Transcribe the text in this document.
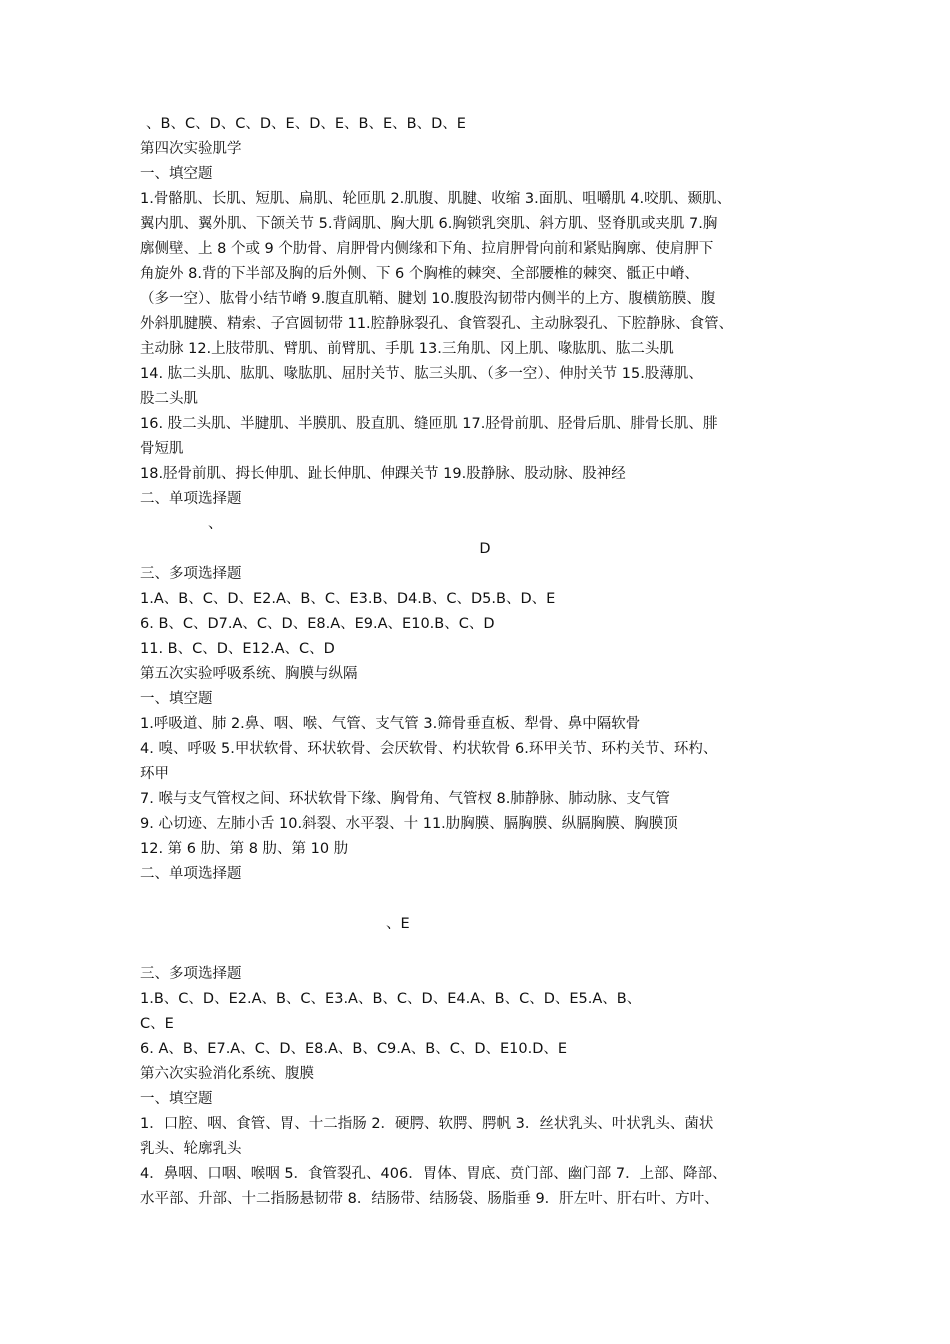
、B、C、D、C、D、E、D、E、B、E、B、D、E
第四次实验肌学
一、填空题
1.骨骼肌、长肌、短肌、扁肌、轮匝肌 2.肌腹、肌腱、收缩 3.面肌、咀嚼肌 4.咬肌、颞肌、
翼内肌、翼外肌、下颌关节 5.背阔肌、胸大肌 6.胸锁乳突肌、斜方肌、竖脊肌或夹肌 7.胸
廓侧壁、上 8 个或 9 个肋骨、肩胛骨内侧缘和下角、拉肩胛骨向前和紧贴胸廓、使肩胛下
角旋外 8.背的下半部及胸的后外侧、下 6 个胸椎的棘突、全部腰椎的棘突、骶正中嵴、
（多一空）、肱骨小结节嵴 9.腹直肌鞘、腱划 10.腹股沟韧带内侧半的上方、腹横筋膜、腹
外斜肌腱膜、精索、子宫圆韧带 11.腔静脉裂孔、食管裂孔、主动脉裂孔、下腔静脉、食管、
主动脉 12.上肢带肌、臂肌、前臂肌、手肌 13.三角肌、冈上肌、喙肱肌、肱二头肌
14. 肱二头肌、肱肌、喙肱肌、屈肘关节、肱三头肌、（多一空）、伸肘关节 15.股薄肌、
股二头肌
16. 股二头肌、半腱肌、半膜肌、股直肌、缝匝肌 17.胫骨前肌、胫骨后肌、腓骨长肌、腓
骨短肌
18.胫骨前肌、拇长伸肌、趾长伸肌、伸踝关节 19.股静脉、股动脉、股神经
二、单项选择题
、
D
三、多项选择题
1.A、B、C、D、E2.A、B、C、E3.B、D4.B、C、D5.B、D、E
6. B、C、D7.A、C、D、E8.A、E9.A、E10.B、C、D
11. B、C、D、E12.A、C、D
第五次实验呼吸系统、胸膜与纵隔
一、填空题
1.呼吸道、肺 2.鼻、咽、喉、气管、支气管 3.筛骨垂直板、犁骨、鼻中隔软骨
4. 嗅、呼吸 5.甲状软骨、环状软骨、会厌软骨、杓状软骨 6.环甲关节、环杓关节、环杓、
环甲
7. 喉与支气管杈之间、环状软骨下缘、胸骨角、气管杈 8.肺静脉、肺动脉、支气管
9. 心切迹、左肺小舌 10.斜裂、水平裂、十 11.肋胸膜、膈胸膜、纵膈胸膜、胸膜顶
12. 第 6 肋、第 8 肋、第 10 肋
二、单项选择题
、E
三、多项选择题
1.B、C、D、E2.A、B、C、E3.A、B、C、D、E4.A、B、C、D、E5.A、B、
C、E
6. A、B、E7.A、C、D、E8.A、B、C9.A、B、C、D、E10.D、E
第六次实验消化系统、腹膜
一、填空题
1．口腔、咽、食管、胃、十二指肠 2．硬腭、软腭、腭帆 3．丝状乳头、叶状乳头、菌状
乳头、轮廓乳头
4．鼻咽、口咽、喉咽 5．食管裂孔、406．胃体、胃底、贲门部、幽门部 7．上部、降部、
水平部、升部、十二指肠悬韧带 8．结肠带、结肠袋、肠脂垂 9．肝左叶、肝右叶、方叶、
